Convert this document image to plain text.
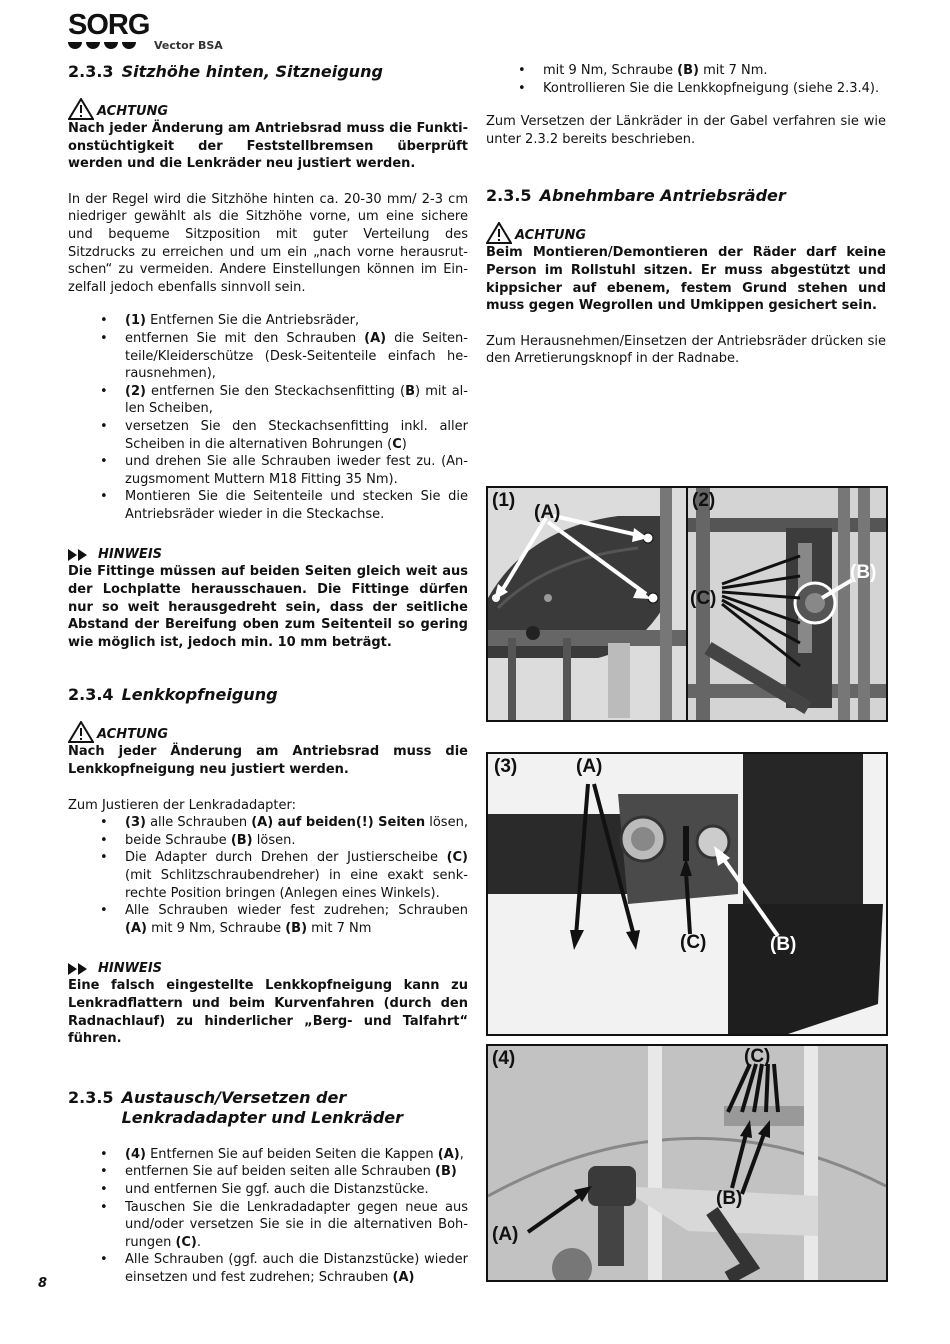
SORG
Vector BSA
2.3.3 Sitzhöhe hinten, Sitzneigung
ACHTUNG

Nach jeder Änderung am Antriebsrad muss die Funktionstüchtigkeit der Feststellbremsen überprüft werden und die Lenkräder neu justiert werden.

In der Regel wird die Sitzhöhe hinten ca. 20-30 mm/ 2-3 cm niedriger gewählt als die Sitzhöhe vorne, um eine sichere und bequeme Sitzposition mit guter Verteilung des Sitzdrucks zu erreichen und um ein „nach vorne herausrutschen“ zu vermeiden. Andere Einstellungen können im Einzelfall jedoch ebenfalls sinnvoll sein.

• (1) Entfernen Sie die Antriebsräder,
• entfernen Sie mit den Schrauben (A) die Seitenteile/Kleiderschütze (Desk-Seitenteile einfach herausnehmen),
• (2) entfernen Sie den Steckachsenfitting (B) mit allen Scheiben,
• versetzen Sie den Steckachsenfitting inkl. aller Scheiben in die alternativen Bohrungen (C)
• und drehen Sie alle Schrauben iweder fest zu. (Anzugsmoment Muttern M18 Fitting 35 Nm).
• Montieren Sie die Seitenteile und stecken Sie die Antriebsräder wieder in die Steckachse.
HINWEIS

Die Fittinge müssen auf beiden Seiten gleich weit aus der Lochplatte herausschauen. Die Fittinge dürfen nur so weit herausgedreht sein, dass der seitliche Abstand der Bereifung oben zum Seitenteil so gering wie möglich ist, jedoch min. 10 mm beträgt.

2.3.4 Lenkkopfneigung
ACHTUNG

Nach jeder Änderung am Antriebsrad muss die Lenkkopfneigung neu justiert werden.

Zum Justieren der Lenkradadapter:

• (3) alle Schrauben (A) auf beiden(!) Seiten lösen,
• beide Schraube (B) lösen.
• Die Adapter durch Drehen der Justierscheibe (C) (mit Schlitzschraubendreher) in eine exakt senkrechte Position bringen (Anlegen eines Winkels).
• Alle Schrauben wieder fest zudrehen; Schrauben (A) mit 9 Nm, Schraube (B) mit 7 Nm
HINWEIS

Eine falsch eingestellte Lenkkopfneigung kann zu Lenkradflattern und beim Kurvenfahren (durch den Radnachlauf) zu hinderlicher „Berg- und Talfahrt“ führen.

2.3.5 Austausch/Versetzen der Lenkradadapter und Lenkräder
• (4) Entfernen Sie auf beiden Seiten die Kappen (A),
• entfernen Sie auf beiden seiten alle Schrauben (B)
• und entfernen Sie ggf. auch die Distanzstücke.
• Tauschen Sie die Lenkradadapter gegen neue aus und/oder versetzen Sie sie in die alternativen Bohrungen (C).
• Alle Schrauben (ggf. auch die Distanzstücke) wieder einsetzen und fest zudrehen; Schrauben (A)
• mit 9 Nm, Schraube (B) mit 7 Nm.
• Kontrollieren Sie die Lenkkopfneigung (siehe 2.3.4).

Zum Versetzen der Länkräder in der Gabel verfahren sie wie unter 2.3.2 bereits beschrieben.

2.3.5 Abnehmbare Antriebsräder
ACHTUNG

Beim Montieren/Demontieren der Räder darf keine Person im Rollstuhl sitzen. Er muss abgestützt und kippsicher auf ebenem, festem Grund stehen und muss gegen Wegrollen und Umkippen gesichert sein.

Zum Herausnehmen/Einsetzen der Antriebsräder drücken sie den Arretierungsknopf in der Radnabe.

(1)
(A)
(2)
(B)
(C)
(3)	(A)
(C)	(B)
(4)	(C)
(B)
(A)
8
